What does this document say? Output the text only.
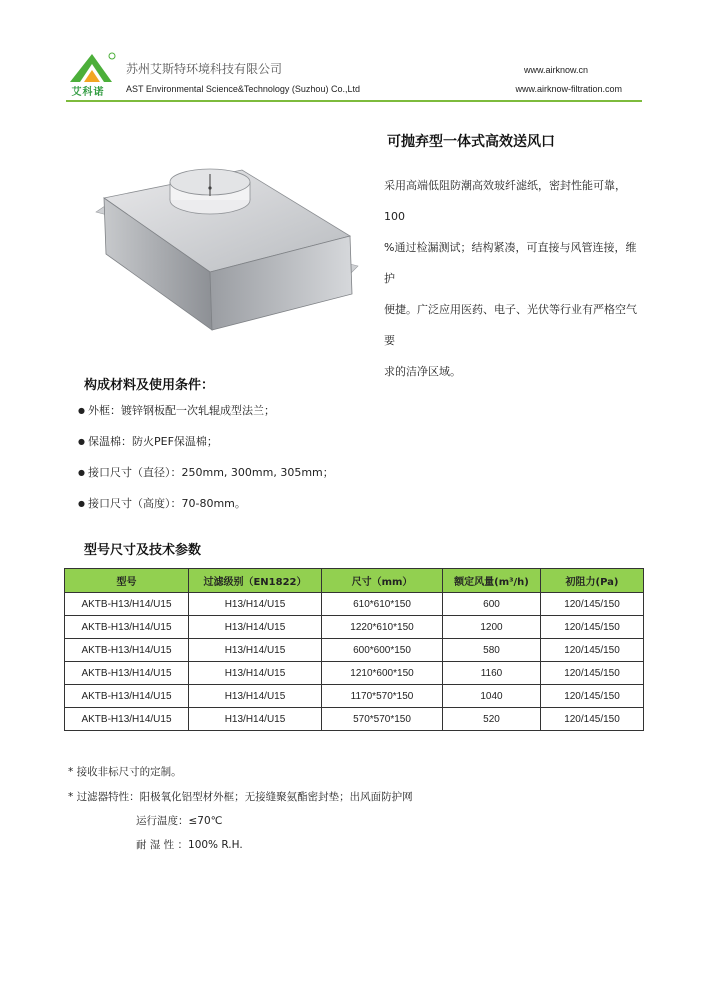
艾科诺
苏州艾斯特环境科技有限公司
AST Environmental Science&Technology (Suzhou) Co.,Ltd
www.airknow.cn
www.airknow-filtration.com
可抛弃型一体式高效送风口
采用高端低阻防潮高效玻纤滤纸，密封性能可靠，100
%通过检漏测试；结构紧凑，可直接与风管连接，维护
便捷。广泛应用医药、电子、光伏等行业有严格空气要
求的洁净区域。
构成材料及使用条件：
● 外框：镀锌钢板配一次轧辊成型法兰；
● 保温棉：防火PEF保温棉；
● 接口尺寸（直径）：250mm, 300mm, 305mm；
● 接口尺寸（高度）：70-80mm。
型号尺寸及技术参数
型号	过滤级别（EN1822）	尺寸（mm）	额定风量(m³/h)	初阻力(Pa)
AKTB-H13/H14/U15	H13/H14/U15	610*610*150	600	120/145/150
AKTB-H13/H14/U15	H13/H14/U15	1220*610*150	1200	120/145/150
AKTB-H13/H14/U15	H13/H14/U15	600*600*150	580	120/145/150
AKTB-H13/H14/U15	H13/H14/U15	1210*600*150	1160	120/145/150
AKTB-H13/H14/U15	H13/H14/U15	1170*570*150	1040	120/145/150
AKTB-H13/H14/U15	H13/H14/U15	570*570*150	520	120/145/150
* 接收非标尺寸的定制。
* 过滤器特性：阳极氧化铝型材外框；无接缝聚氨酯密封垫；出风面防护网
运行温度：≤70℃
耐 湿 性 ：100% R.H.
